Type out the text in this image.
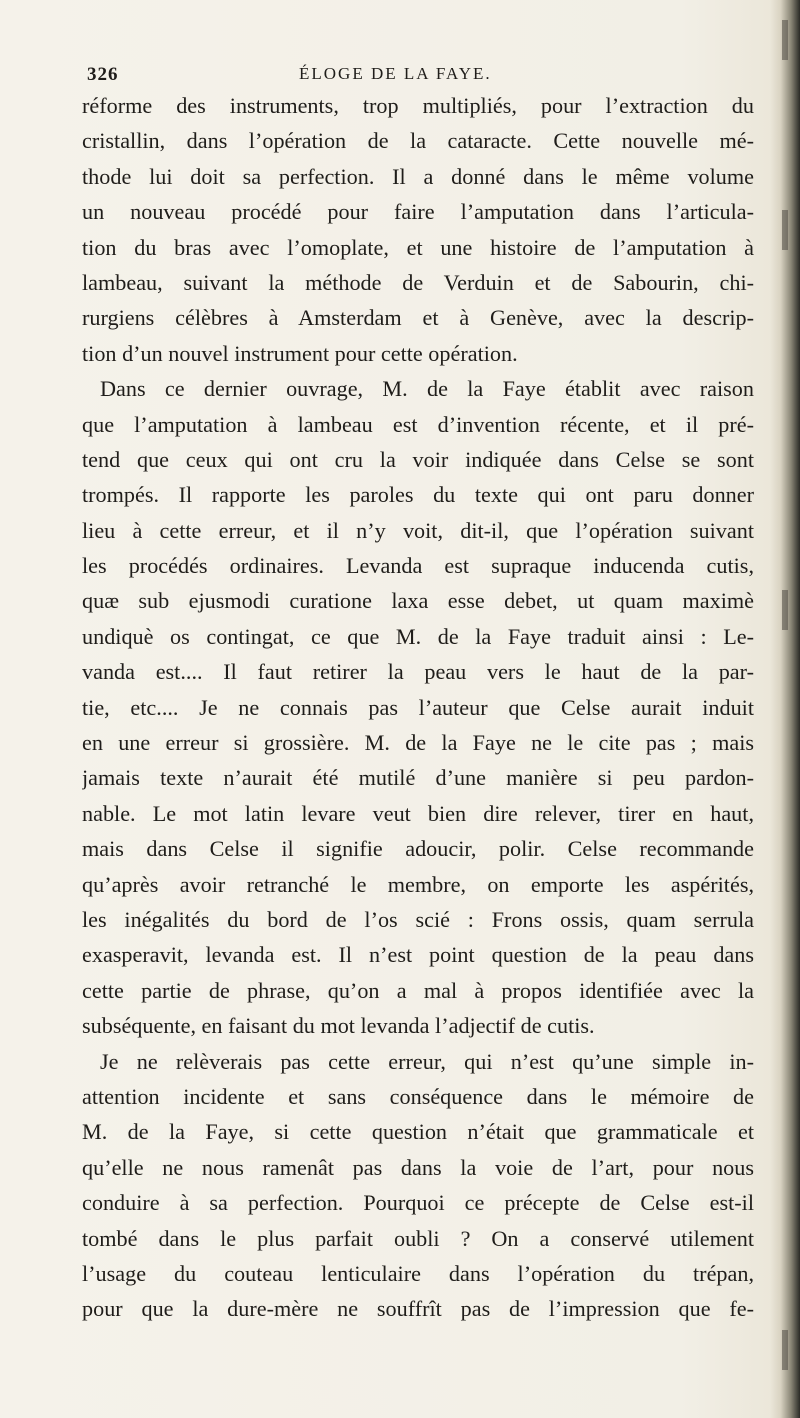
326	ÉLOGE DE LA FAYE.
réforme des instruments, trop multipliés, pour l’extraction du
cristallin, dans l’opération de la cataracte. Cette nouvelle mé-
thode lui doit sa perfection. Il a donné dans le même volume
un nouveau procédé pour faire l’amputation dans l’articula-
tion du bras avec l’omoplate, et une histoire de l’amputation à
lambeau, suivant la méthode de Verduin et de Sabourin, chi-
rurgiens célèbres à Amsterdam et à Genève, avec la descrip-
tion d’un nouvel instrument pour cette opération.
Dans ce dernier ouvrage, M. de la Faye établit avec raison
que l’amputation à lambeau est d’invention récente, et il pré-
tend que ceux qui ont cru la voir indiquée dans Celse se sont
trompés. Il rapporte les paroles du texte qui ont paru donner
lieu à cette erreur, et il n’y voit, dit-il, que l’opération suivant
les procédés ordinaires. Levanda est supraque inducenda cutis,
quæ sub ejusmodi curatione laxa esse debet, ut quam maximè
undiquè os contingat, ce que M. de la Faye traduit ainsi : Le-
vanda est.... Il faut retirer la peau vers le haut de la par-
tie, etc.... Je ne connais pas l’auteur que Celse aurait induit
en une erreur si grossière. M. de la Faye ne le cite pas ; mais
jamais texte n’aurait été mutilé d’une manière si peu pardon-
nable. Le mot latin levare veut bien dire relever, tirer en haut,
mais dans Celse il signifie adoucir, polir. Celse recommande
qu’après avoir retranché le membre, on emporte les aspérités,
les inégalités du bord de l’os scié : Frons ossis, quam serrula
exasperavit, levanda est. Il n’est point question de la peau dans
cette partie de phrase, qu’on a mal à propos identifiée avec la
subséquente, en faisant du mot levanda l’adjectif de cutis.
Je ne relèverais pas cette erreur, qui n’est qu’une simple in-
attention incidente et sans conséquence dans le mémoire de
M. de la Faye, si cette question n’était que grammaticale et
qu’elle ne nous ramenât pas dans la voie de l’art, pour nous
conduire à sa perfection. Pourquoi ce précepte de Celse est-il
tombé dans le plus parfait oubli ? On a conservé utilement
l’usage du couteau lenticulaire dans l’opération du trépan,
pour que la dure-mère ne souffrît pas de l’impression que fe-
